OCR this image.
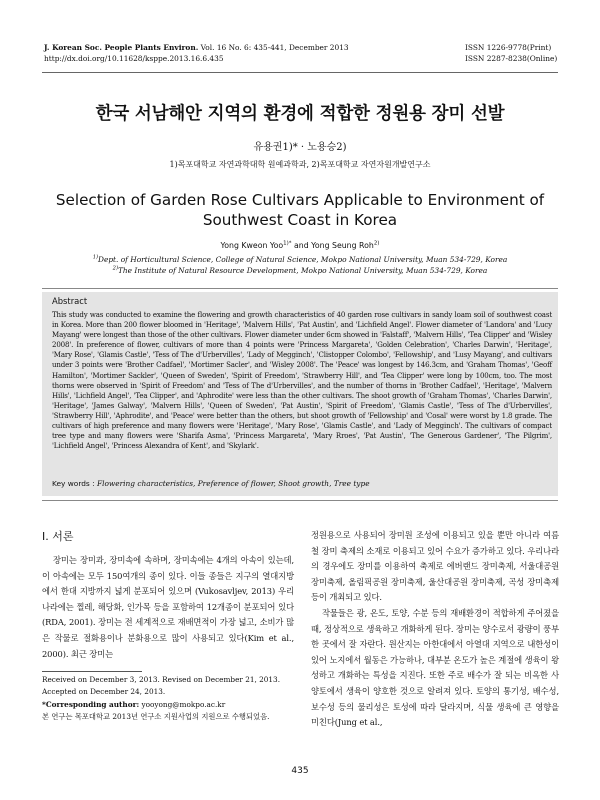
J. Korean Soc. People Plants Environ. Vol. 16 No. 6: 435-441, December 2013
http://dx.doi.org/10.11628/ksppe.2013.16.6.435
ISSN 1226-9778(Print)
ISSN 2287-8238(Online)
한국 서남해안 지역의 환경에 적합한 정원용 장미 선발
유용권1)* · 노용승2)
1)목포대학교 자연과학대학 원예과학과, 2)목포대학교 자연자원개발연구소
Selection of Garden Rose Cultivars Applicable to Environment of Southwest Coast in Korea
Yong Kweon Yoo$^{1)*}$ and Yong Seung Roh$^{2)}$
$^{1)}$Dept. of Horticultural Science, College of Natural Science, Mokpo National University, Muan 534-729, Korea
$^{2)}$The Institute of Natural Resource Development, Mokpo National University, Muan 534-729, Korea
Abstract
This study was conducted to examine the flowering and growth characteristics of 40 garden rose cultivars in sandy loam soil of southwest coast in Korea. More than 200 flower bloomed in 'Heritage', 'Malvern Hills', 'Pat Austin', and 'Lichfield Angel'. Flower diameter of 'Landora' and 'Lucy Mayang' were longest than those of the other cultivars. Flower diameter under 6cm showed in 'Falstaff', 'Malvern Hills', 'Tea Clipper' and 'Wisley 2008'. In preference of flower, cultivars of more than 4 points were 'Princess Margareta', 'Golden Celebration', 'Charles Darwin', 'Heritage', 'Mary Rose', 'Glamis Castle', 'Tess of The d'Urbervilles', 'Lady of Megginch', 'Clistopper Colombo', 'Fellowship', and 'Lusy Mayang', and cultivars under 3 points were 'Brother Cadfael', 'Mortimer Sacler', and 'Wisley 2008'. The 'Peace' was longest by 146.3cm, and 'Graham Thomas', 'Geoff Hamilton', 'Mortimer Sackler', 'Queen of Sweden', 'Spirit of Freedom', 'Strawberry Hill', and 'Tea Clipper' were long by 100cm, too. The most thorns were observed in 'Spirit of Freedom' and 'Tess of The d'Urbervilles', and the number of thorns in 'Brother Cadfael', 'Heritage', 'Malvern Hills', 'Lichfield Angel', 'Tea Clipper', and 'Aphrodite' were less than the other cultivars. The shoot growth of 'Graham Thomas', 'Charles Darwin', 'Heritage', 'James Galway', 'Malvern Hills', 'Queen of Sweden', 'Pat Austin', 'Spirit of Freedom', 'Glamis Castle', 'Tess of The d'Urbervilles', 'Strawberry Hill', 'Aphrodite', and 'Peace' were better than the others, but shoot growth of 'Fellowship' and 'Cosal' were worst by 1.8 grade. The cultivars of high preference and many flowers were 'Heritage', 'Mary Rose', 'Glamis Castle', and 'Lady of Megginch'. The cultivars of compact tree type and many flowers were 'Sharifa Asma', 'Princess Margareta', 'Mary Rroes', 'Pat Austin', 'The Generous Gardener', 'The Pilgrim', 'Lichfield Angel', 'Princess Alexandra of Kent', and 'Skylark'.
Key words : Flowering characteristics, Preference of flower, Shoot growth, Tree type
Ⅰ. 서론

장미는 장미과, 장미속에 속하며, 장미속에는 4개의 아속이 있는데, 이 아속에는 모두 150여개의 종이 있다. 이들 종들은 지구의 열대지방에서 한대 지방까지 넓게 분포되어 있으며 (Vukosavljev, 2013) 우리나라에는 찔레, 해당화, 인가목 등을 포함하여 12개종이 분포되어 있다(RDA, 2001). 장미는 전 세계적으로 재배면적이 가장 넓고, 소비가 많은 작물로 절화용이나 분화용으로 많이 사용되고 있다(Kim et al., 2000). 최근 장미는

정원용으로 사용되어 장미원 조성에 이용되고 있을 뿐만 아니라 여름철 장미 축제의 소재로 이용되고 있어 수요가 증가하고 있다. 우리나라의 경우에도 장미를 이용하여 축제로 에버랜드 장미축제, 서울대공원 장미축제, 올림픽공원 장미축제, 울산대공원 장미축제, 곡성 장미축제 등이 개최되고 있다.

작물들은 광, 온도, 토양, 수분 등의 재배환경이 적합하게 주어졌을 때, 정상적으로 생육하고 개화하게 된다. 장미는 양수로서 광량이 풍부한 곳에서 잘 자란다. 원산지는 아한대에서 아열대 지역으로 내한성이 있어 노지에서 월동은 가능하나, 대부분 온도가 높은 계절에 생육이 왕성하고 개화하는 특성을 지진다. 또한 주로 배수가 잘 되는 비옥한 사양토에서 생육이 양호한 것으로 알려져 있다. 토양의 통기성, 배수성, 보수성 등의 물리성은 토성에 따라 달라지며, 식물 생육에 큰 영향을 미친다(Jung et al.,

Received on December 3, 2013. Revised on December 21, 2013.
Accepted on December 24, 2013.
*Corresponding author: yooyong@mokpo.ac.kr
본 연구는 목포대학교 2013년 연구소 지원사업의 지원으로 수행되었음.
435
